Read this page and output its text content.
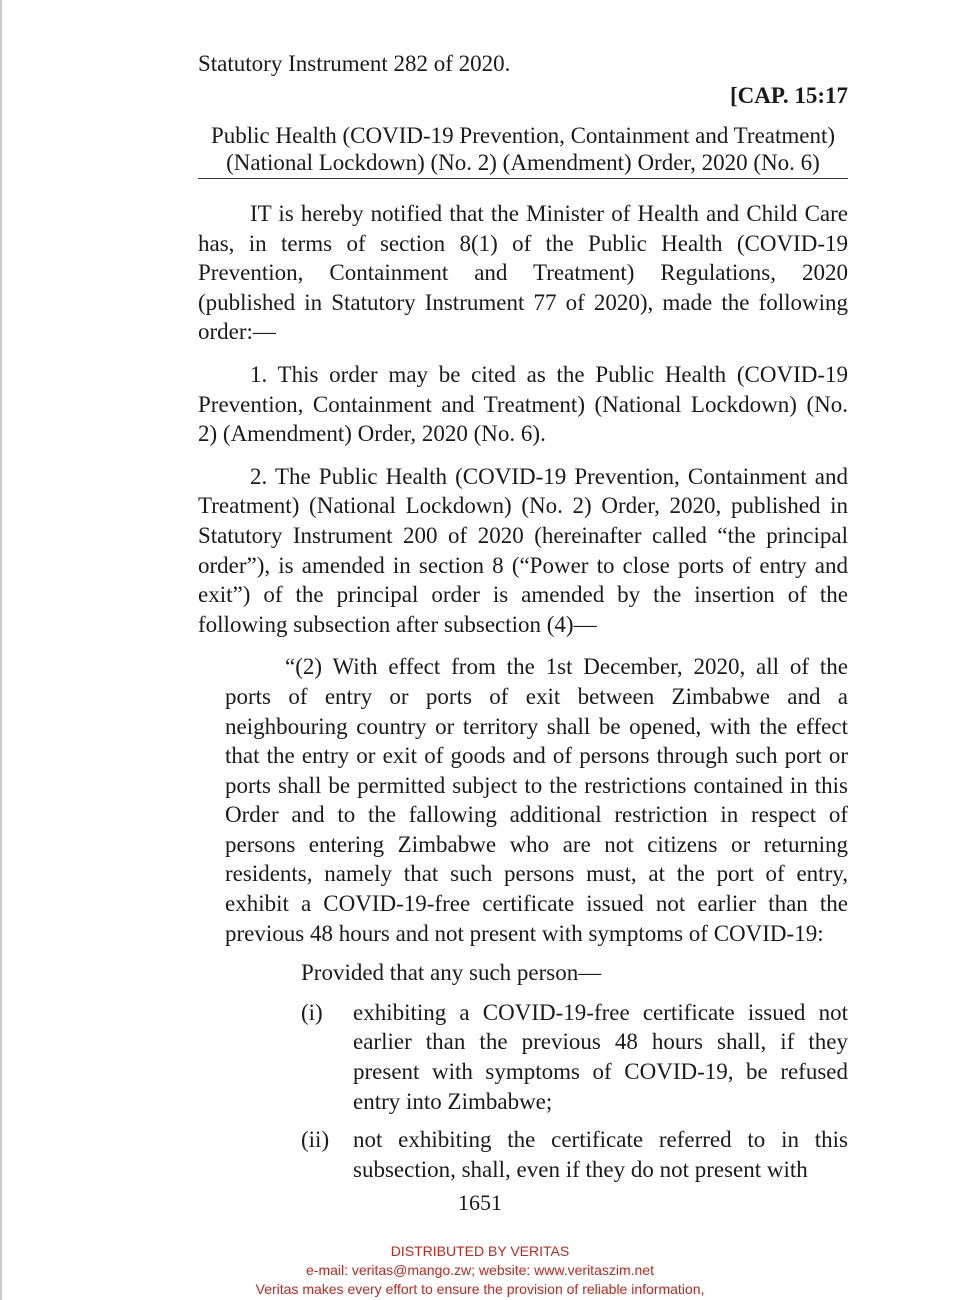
Statutory Instrument 282 of 2020.

[CAP. 15:17

Public Health (COVID-19 Prevention, Containment and Treatment)
(National Lockdown) (No. 2) (Amendment) Order, 2020 (No. 6)

IT is hereby notified that the Minister of Health and Child Care has, in terms of section 8(1) of the Public Health (COVID-19 Prevention, Containment and Treatment) Regulations, 2020 (published in Statutory Instrument 77 of 2020), made the following order:—

1. This order may be cited as the Public Health (COVID-19 Prevention, Containment and Treatment) (National Lockdown) (No. 2) (Amendment) Order, 2020 (No. 6).

2. The Public Health (COVID-19 Prevention, Containment and Treatment) (National Lockdown) (No. 2) Order, 2020, published in Statutory Instrument 200 of 2020 (hereinafter called “the principal order”), is amended in section 8 (“Power to close ports of entry and exit”) of the principal order is amended by the insertion of the following subsection after subsection (4)—

“(2) With effect from the 1st December, 2020, all of the ports of entry or ports of exit between Zimbabwe and a neighbouring country or territory shall be opened, with the effect that the entry or exit of goods and of persons through such port or ports shall be permitted subject to the restrictions contained in this Order and to the fallowing additional restriction in respect of persons entering Zimbabwe who are not citizens or returning residents, namely that such persons must, at the port of entry, exhibit a COVID-19-free certificate issued not earlier than the previous 48 hours and not present with symptoms of COVID-19:

Provided that any such person—

(i)	exhibiting a COVID-19-free certificate issued not earlier than the previous 48 hours shall, if they present with symptoms of COVID-19, be refused entry into Zimbabwe;
(ii)	not exhibiting the certificate referred to in this subsection, shall, even if they do not present with
1651
DISTRIBUTED BY VERITAS
e-mail: veritas@mango.zw; website: www.veritaszim.net
Veritas makes every effort to ensure the provision of reliable information,
